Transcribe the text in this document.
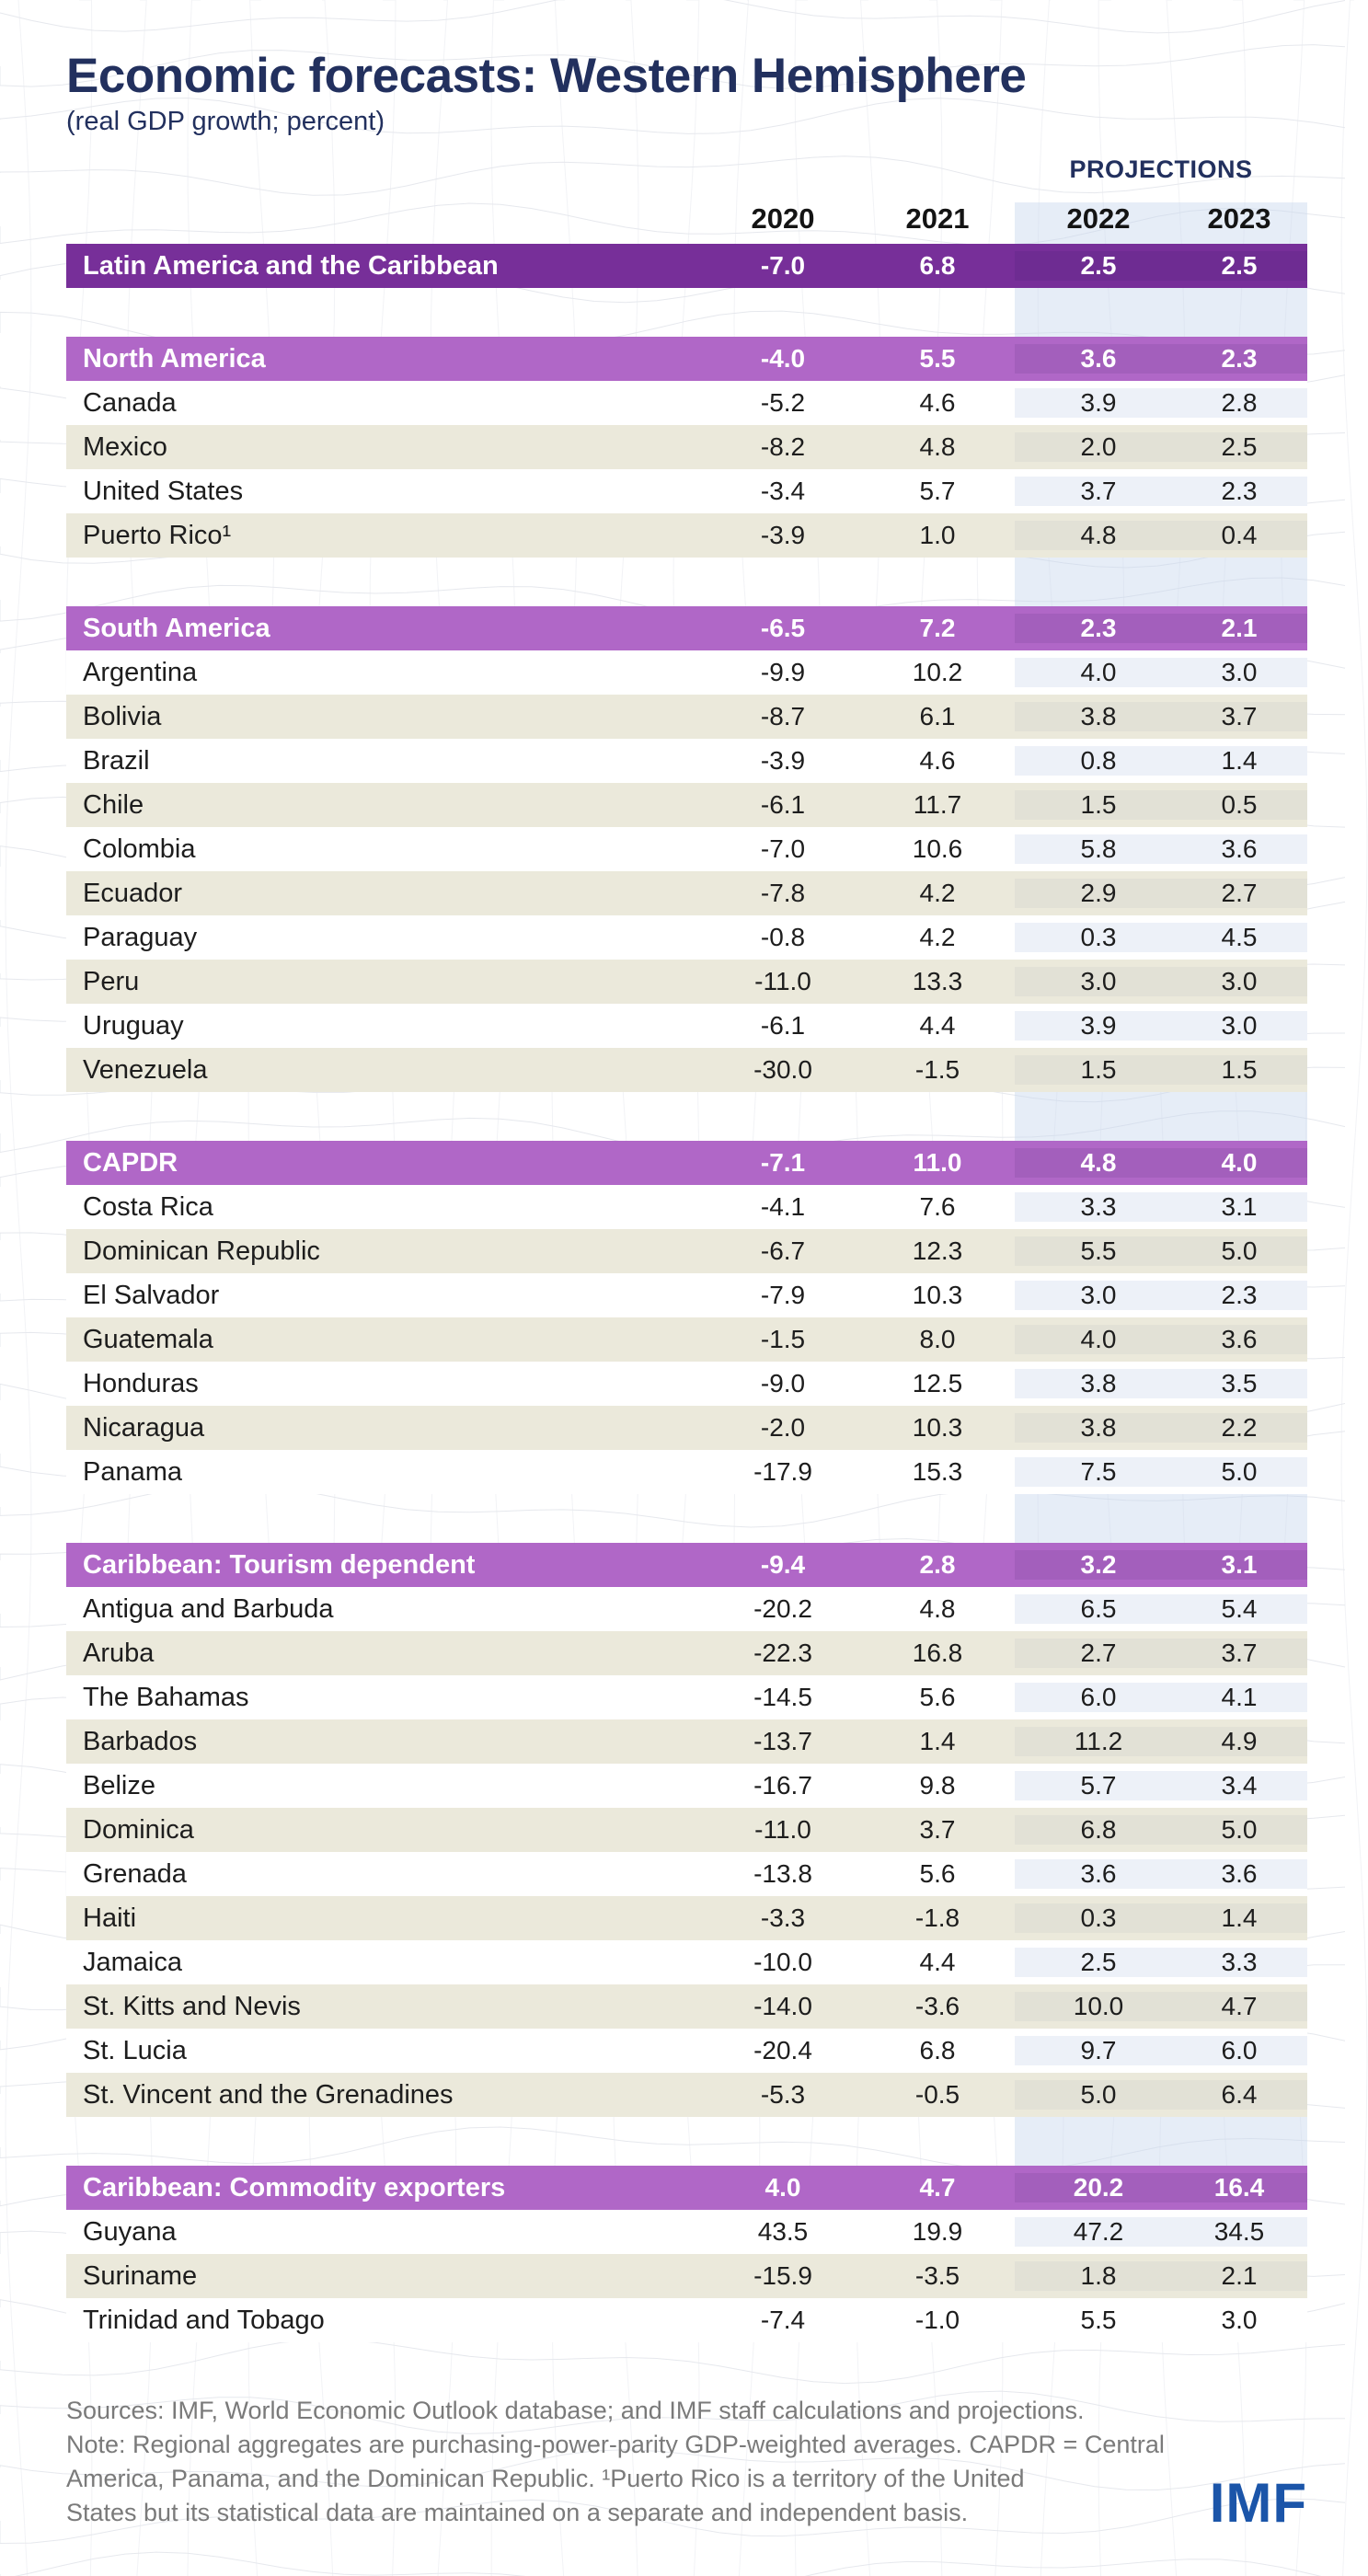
Economic forecasts: Western Hemisphere
(real GDP growth; percent)
PROJECTIONS
2020	2021	2022	2023
Latin America and the Caribbean	-7.0	6.8	2.5	2.5
North America	-4.0	5.5	3.6	2.3
Canada	-5.2	4.6	3.9	2.8
Mexico	-8.2	4.8	2.0	2.5
United States	-3.4	5.7	3.7	2.3
Puerto Rico¹	-3.9	1.0	4.8	0.4
South America	-6.5	7.2	2.3	2.1
Argentina	-9.9	10.2	4.0	3.0
Bolivia	-8.7	6.1	3.8	3.7
Brazil	-3.9	4.6	0.8	1.4
Chile	-6.1	11.7	1.5	0.5
Colombia	-7.0	10.6	5.8	3.6
Ecuador	-7.8	4.2	2.9	2.7
Paraguay	-0.8	4.2	0.3	4.5
Peru	-11.0	13.3	3.0	3.0
Uruguay	-6.1	4.4	3.9	3.0
Venezuela	-30.0	-1.5	1.5	1.5
CAPDR	-7.1	11.0	4.8	4.0
Costa Rica	-4.1	7.6	3.3	3.1
Dominican Republic	-6.7	12.3	5.5	5.0
El Salvador	-7.9	10.3	3.0	2.3
Guatemala	-1.5	8.0	4.0	3.6
Honduras	-9.0	12.5	3.8	3.5
Nicaragua	-2.0	10.3	3.8	2.2
Panama	-17.9	15.3	7.5	5.0
Caribbean: Tourism dependent	-9.4	2.8	3.2	3.1
Antigua and Barbuda	-20.2	4.8	6.5	5.4
Aruba	-22.3	16.8	2.7	3.7
The Bahamas	-14.5	5.6	6.0	4.1
Barbados	-13.7	1.4	11.2	4.9
Belize	-16.7	9.8	5.7	3.4
Dominica	-11.0	3.7	6.8	5.0
Grenada	-13.8	5.6	3.6	3.6
Haiti	-3.3	-1.8	0.3	1.4
Jamaica	-10.0	4.4	2.5	3.3
St. Kitts and Nevis	-14.0	-3.6	10.0	4.7
St. Lucia	-20.4	6.8	9.7	6.0
St. Vincent and the Grenadines	-5.3	-0.5	5.0	6.4
Caribbean: Commodity exporters	4.0	4.7	20.2	16.4
Guyana	43.5	19.9	47.2	34.5
Suriname	-15.9	-3.5	1.8	2.1
Trinidad and Tobago	-7.4	-1.0	5.5	3.0
Sources: IMF, World Economic Outlook database; and IMF staff calculations and projections.
Note: Regional aggregates are purchasing-power-parity GDP-weighted averages. CAPDR = Central
America, Panama, and the Dominican Republic. ¹Puerto Rico is a territory of the United
States but its statistical data are maintained on a separate and independent basis.	IMF
